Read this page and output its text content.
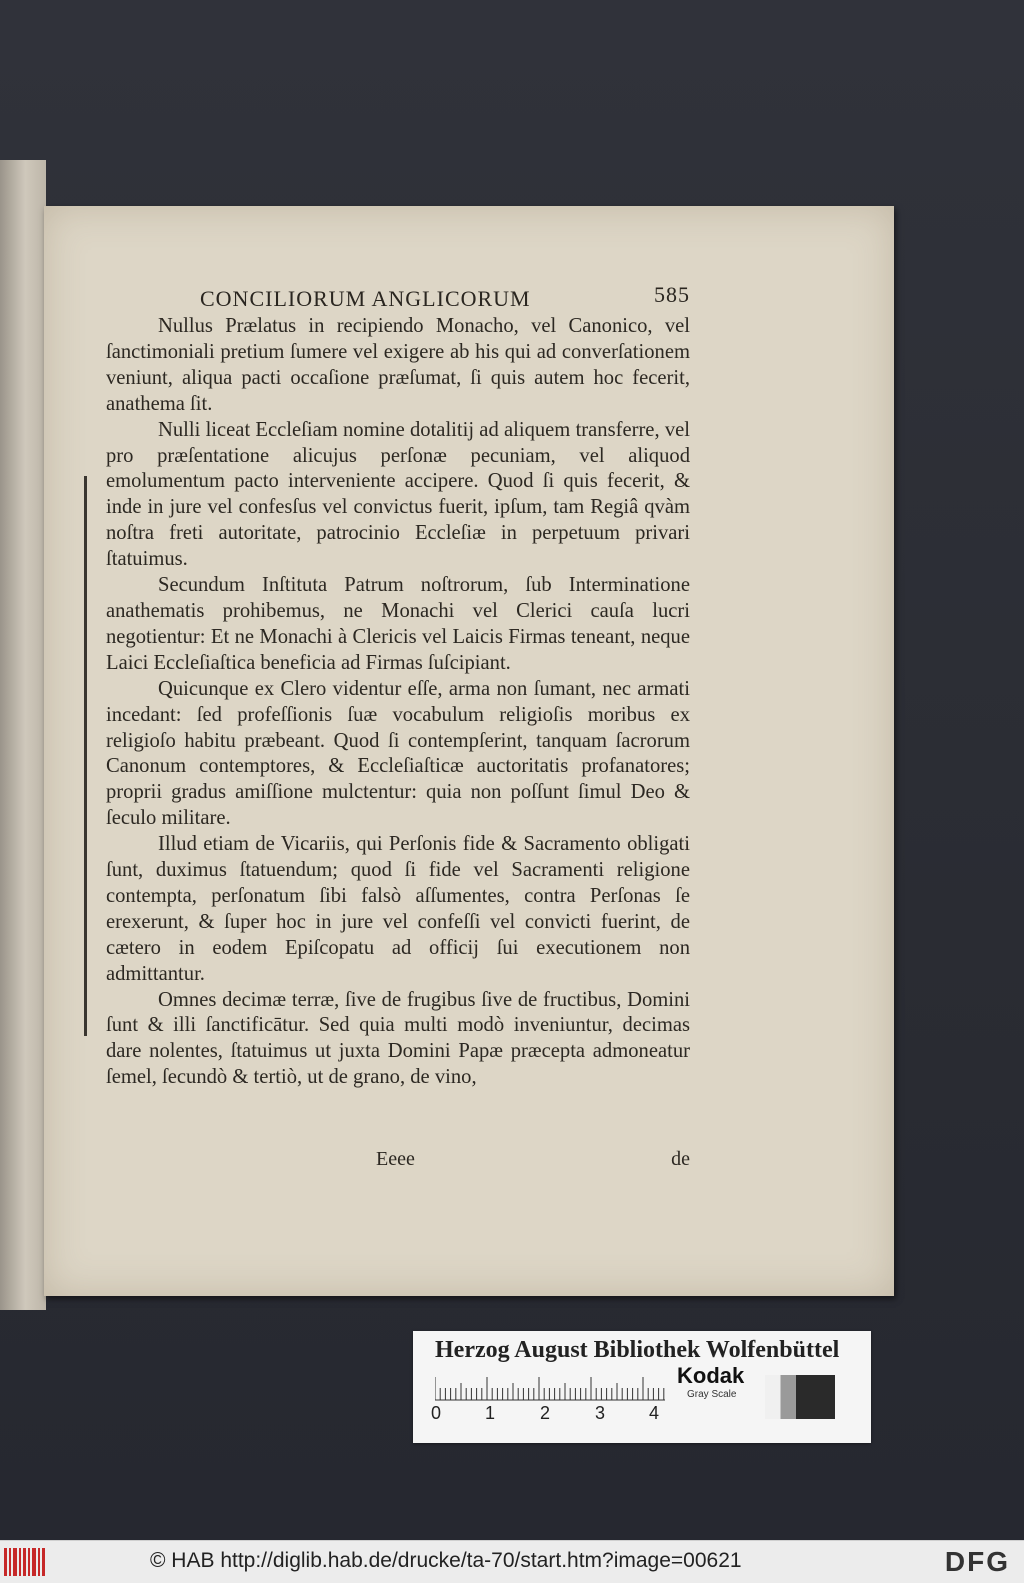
CONCILIORUM ANGLICORUM	585

Nullus Prælatus in recipiendo Monacho, vel Canonico, vel ſanctimoniali pretium ſumere vel exigere ab his qui ad converſationem veniunt, aliqua pacti occaſione præſumat, ſi quis autem hoc fecerit, anathema ſit.

Nulli liceat Eccleſiam nomine dotalitij ad aliquem transferre, vel pro præſentatione alicujus perſonæ pecuniam, vel aliquod emolumentum pacto interveniente accipere. Quod ſi quis fecerit, & inde in jure vel confesſus vel convictus fuerit, ipſum, tam Regiâ qvàm noſtra freti autoritate, patrocinio Eccleſiæ in perpetuum privari ſtatuimus.

Secundum Inſtituta Patrum noſtrorum, ſub Interminatione anathematis prohibemus, ne Monachi vel Clerici cauſa lucri negotientur: Et ne Monachi à Clericis vel Laicis Firmas teneant, neque Laici Eccleſiaſtica beneficia ad Firmas ſuſcipiant.

Quicunque ex Clero videntur eſſe, arma non ſumant, nec armati incedant: ſed profeſſionis ſuæ vocabulum religioſis moribus ex religioſo habitu præbeant. Quod ſi contempſerint, tanquam ſacrorum Canonum contemptores, & Eccleſiaſticæ auctoritatis profanatores; proprii gradus amiſſione mulctentur: quia non poſſunt ſimul Deo & ſeculo militare.

Illud etiam de Vicariis, qui Perſonis fide & Sacramento obligati ſunt, duximus ſtatuendum; quod ſi fide vel Sacramenti religione contempta, perſonatum ſibi falsò aſſumentes, contra Perſonas ſe erexerunt, & ſuper hoc in jure vel confeſſi vel convicti fuerint, de cætero in eodem Epiſcopatu ad officij ſui executionem non admittantur.

Omnes decimæ terræ, ſive de frugibus ſive de fructibus, Domini ſunt & illi ſanctificātur. Sed quia multi modò inveniuntur, decimas dare nolentes, ſtatuimus ut juxta Domini Papæ præcepta admoneatur ſemel, ſecundò & tertiò, ut de grano, de vino,

Eeee	de
Herzog August Bibliothek Wolfenbüttel
0 1 2 3 4
Kodak
Gray Scale
© HAB http://diglib.hab.de/drucke/ta-70/start.htm?image=00621	DFG
